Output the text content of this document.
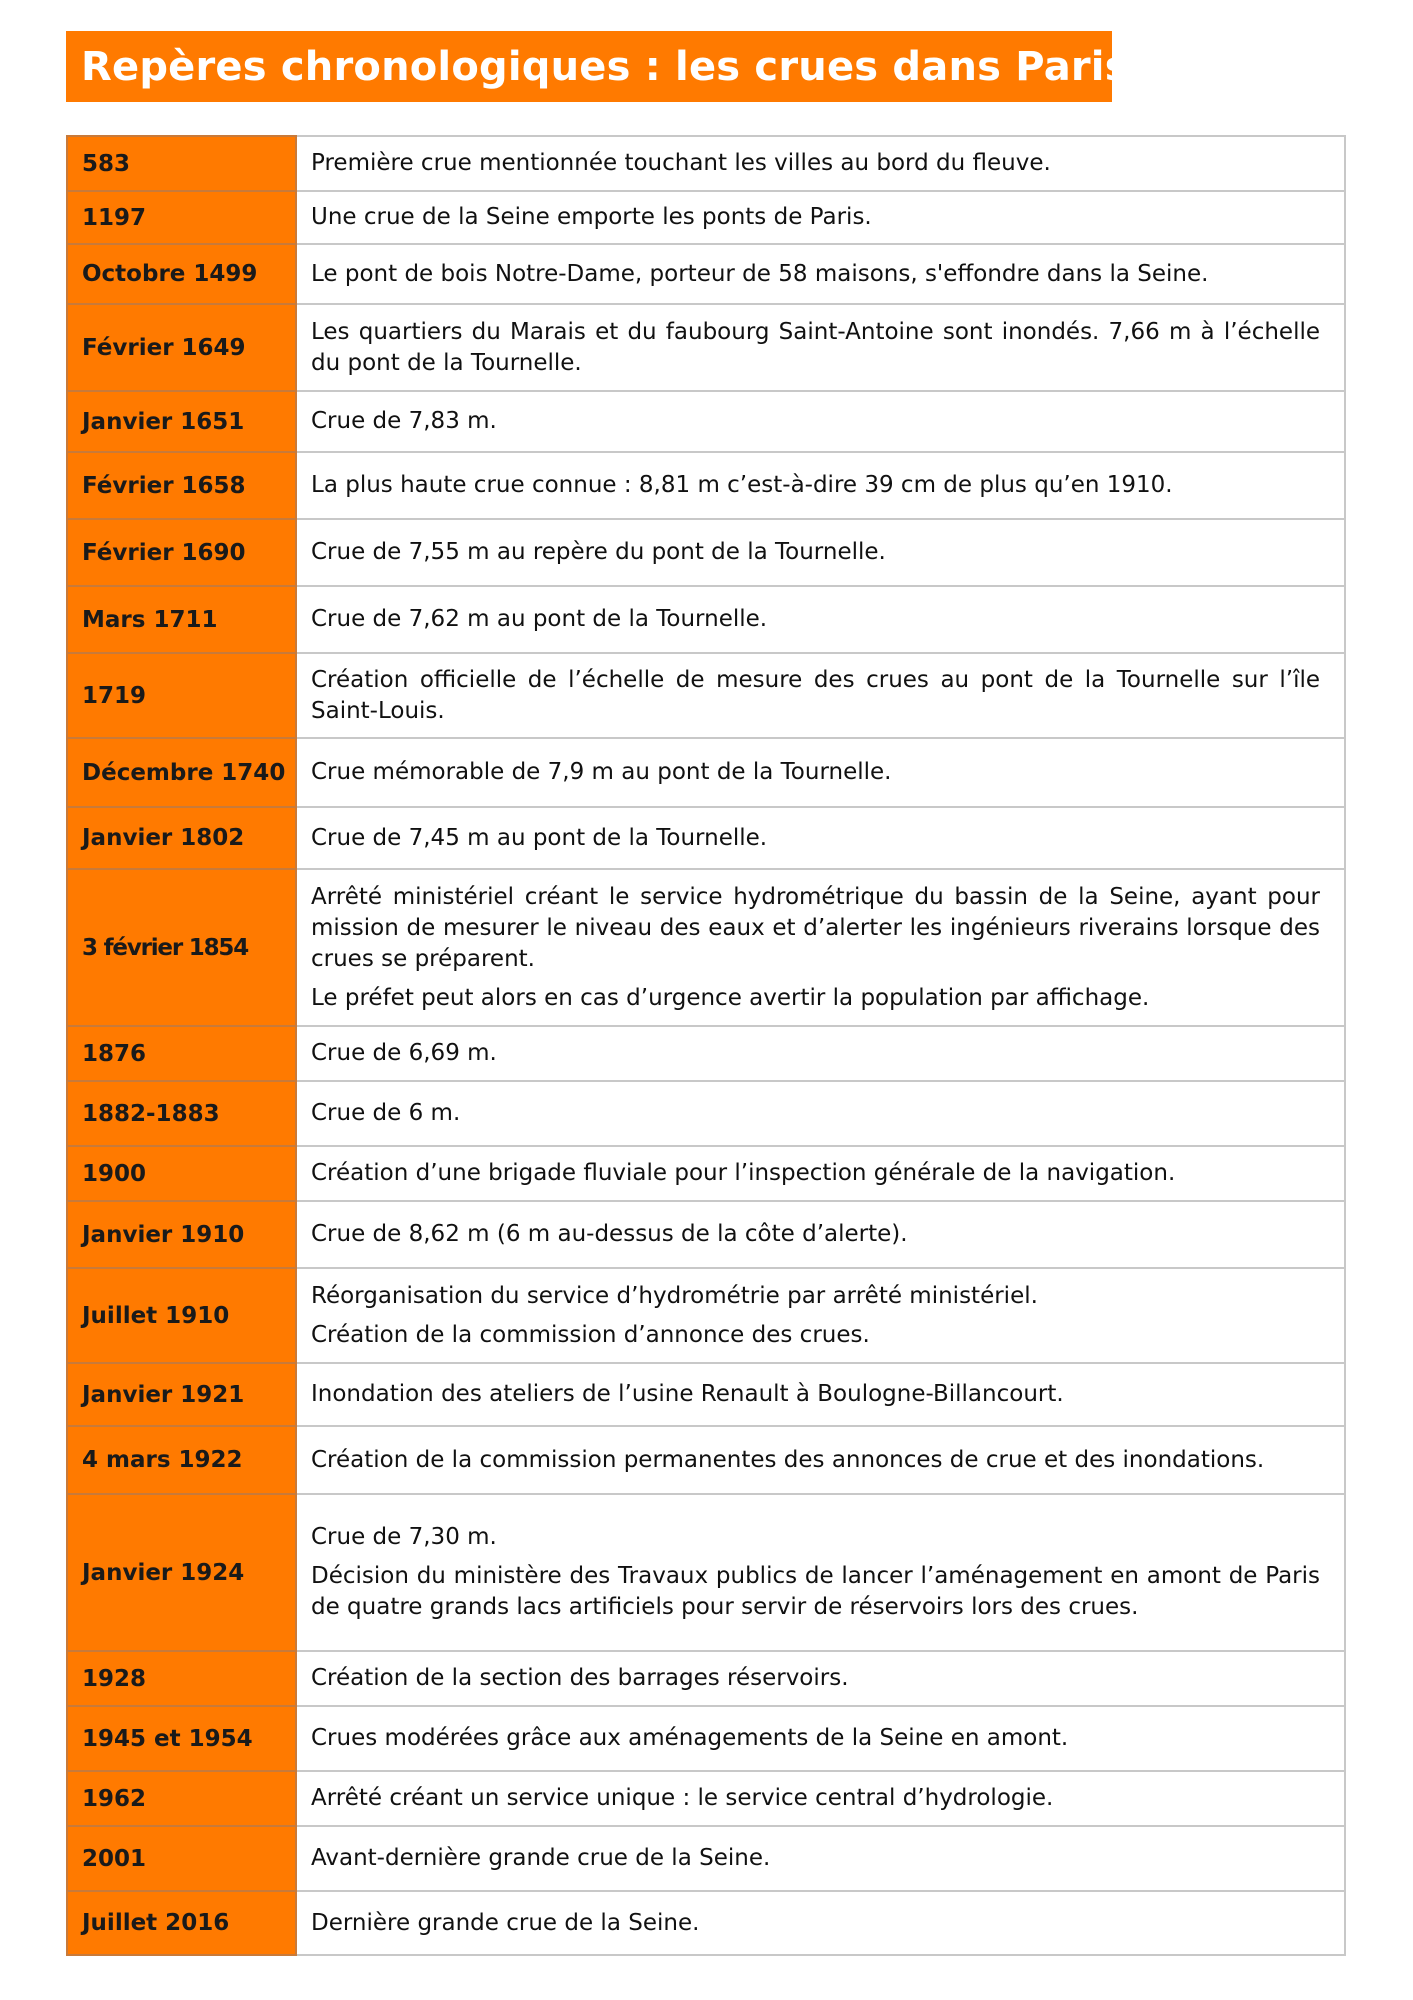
Repères chronologiques : les crues dans Paris
583	Première crue mentionnée touchant les villes au bord du fleuve.

1197	Une crue de la Seine emporte les ponts de Paris.

Octobre 1499	Le pont de bois Notre-Dame, porteur de 58 maisons, s'effondre dans la Seine.

Février 1649	Les quartiers du Marais et du faubourg Saint-Antoine sont inondés. 7,66 m à l’échelle du pont de la Tournelle.

Janvier 1651	Crue de 7,83 m.

Février 1658	La plus haute crue connue : 8,81 m c’est-à-dire 39 cm de plus qu’en 1910.

Février 1690	Crue de 7,55 m au repère du pont de la Tournelle.

Mars 1711	Crue de 7,62 m au pont de la Tournelle.

1719	Création officielle de l’échelle de mesure des crues au pont de la Tournelle sur l’île Saint-Louis.

Décembre 1740	Crue mémorable de 7,9 m au pont de la Tournelle.

Janvier 1802	Crue de 7,45 m au pont de la Tournelle.

3 février 1854	Arrêté ministériel créant le service hydrométrique du bassin de la Seine, ayant pour mission de mesurer le niveau des eaux et d’alerter les ingénieurs riverains lorsque des crues se préparent.

Le préfet peut alors en cas d’urgence avertir la population par affichage.

1876	Crue de 6,69 m.

1882-1883	Crue de 6 m.

1900	Création d’une brigade fluviale pour l’inspection générale de la navigation.

Janvier 1910	Crue de 8,62 m (6 m au-dessus de la côte d’alerte).

Juillet 1910	Réorganisation du service d’hydrométrie par arrêté ministériel.

Création de la commission d’annonce des crues.

Janvier 1921	Inondation des ateliers de l’usine Renault à Boulogne-Billancourt.

4 mars 1922	Création de la commission permanentes des annonces de crue et des inondations.

Janvier 1924	Crue de 7,30 m.

Décision du ministère des Travaux publics de lancer l’aménagement en amont de Paris de quatre grands lacs artificiels pour servir de réservoirs lors des crues.

1928	Création de la section des barrages réservoirs.

1945 et 1954	Crues modérées grâce aux aménagements de la Seine en amont.

1962	Arrêté créant un service unique : le service central d’hydrologie.

2001	Avant-dernière grande crue de la Seine.

Juillet 2016	Dernière grande crue de la Seine.
